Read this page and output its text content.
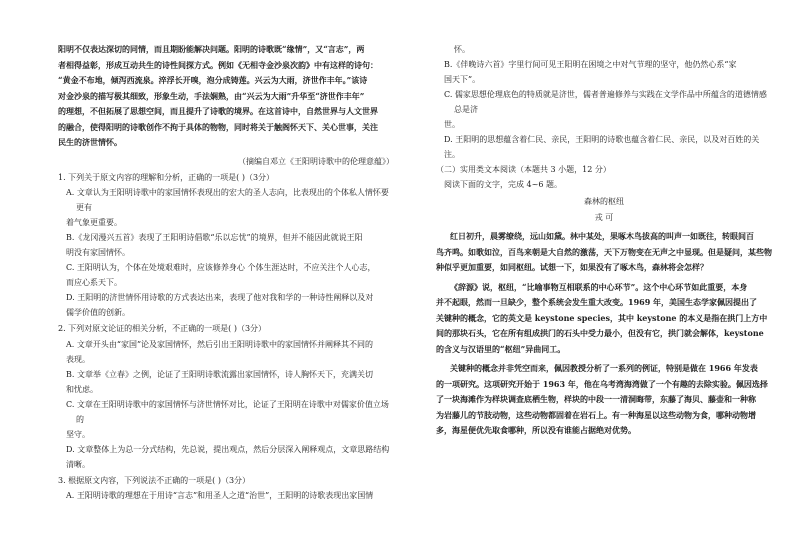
阳明不仅表达深切的同情，而且期盼能解决问题。阳明的诗歌既“缘情”，又“言志”，两
者相得益彰，形成互动共生的诗性间探方式。例如《无相寺金沙泉次韵》中有这样的诗句：
“黄金不布地，倾泻西流泉。淬浮长开嗅，泡分成铸莲。兴云为大雨，济世作丰年。”该诗
对金沙泉的描写极其细致，形象生动，手法娴熟，由“兴云为大雨”升华至“济世作丰年”
的理想，不但拓展了思想空间，而且提升了诗歌的境界。在这首诗中，自然世界与人文世界
的融合，使得阳明的诗歌创作不拘于具体的物物，同时将关于触阁怀天下、关心世事，关注
民生的济世情怀。
（摘编自邓立《王阳明诗歌中的伦理意蕴》）
1. 下列关于原文内容的理解和分析，正确的一项是( )（3分）
A. 文章认为王阳明诗歌中的家国情怀表现出的宏大的圣人志向，比表现出的个体私人情怀要更有
着气象更重要。
B.《龙冈漫兴五首》表现了王阳明诗倡歌“乐以忘忧”的境界，但并不能因此就说王阳
明没有家国情怀。
C. 王阳明认为，个体在处境艰难时，应该修养身心 个体生涯达时，不应关注个人心志，
而应心系天下。
D. 王阳明的济世情怀用诗歌的方式表达出来，表现了他对我和学的一种诗性阐释以及对
儒学价值的创新。
2. 下列对原文论证的相关分析，不正确的一项是( )（3分）
A. 文章开头由“家国”论及家国情怀，然后引出王阳明诗歌中的家国情怀并阐释其不同的
表现。
B. 文章举《立春》之例，论证了王阳明诗歌流露出家国情怀，诗人胸怀天下，充满关切
和忧虑。
C. 文章在王阳明诗歌中的家国情怀与济世情怀对比，论证了王阳明在诗歌中对儒家价值立场的
坚守。
D. 文章整体上为总一分式结构，先总说，提出观点，然后分层深入阐释观点，文章思路结构
清晰。
3. 根据原文内容，下列说法不正确的一项是( )（3分）
A. 王阳明诗歌的理想在于用诗“言志”和用圣人之道“治世”，王阳明的诗歌表现出家国情
怀。
B.《伴晚诗六首》字里行间可见王阳明在困境之中对气节理的坚守，他仍然心系“家
国天下”。
C. 儒家思想伦理底色的特质就是济世，儒者普遍修养与实践在文学作品中所蕴含的道德情感总是济
世。
D. 王阳明的思想蕴含着仁民、亲民，王阳明的诗歌也蕴含着仁民、亲民，以及对百姓的关
注。
（二）实用类文本阅读（本题共 3 小题，12 分）
阅读下面的文字，完成 4~6 题。
森林的枢纽
戎 可
红日初升，晨雾缭绕，远山如黛。林中某处，果啄木鸟拔高的叫声一如既往，转眼间百
鸟齐鸣。如歌如泣，百鸟来朝是大自然的激荡，天下万物变在无声之中显现。但是疑问，某些物
种似乎更加重要，如同枢纽。试想一下，如果没有了啄木鸟，森林将会怎样？
《辞源》说，枢纽，“比喻事物互相联系的中心环节”。这个中心环节如此重要，本身
并不起眼，然而一旦缺少，整个系统会发生重大改变。1969 年，美国生态学家佩因提出了
关键种的概念，它的英文是 keystone species，其中 keystone 的本义是指在拱门上方中
间的那块石头，它在所有组成拱门的石头中受力最小，但没有它，拱门就会解体，keystone
的含义与汉语里的“枢纽”异曲同工。
关键种的概念并非凭空而来，佩因教授分析了一系列的例证，特别是做在 1966 年发表
的一项研究。这项研究开始于 1963 年，他在乌考湾海湾做了一个有趣的去除实验。佩因选择
了一块海滩作为样块调查底栖生物，样块的中段一一清洞晦带，东藤了海贝、藤壶和一种称
为岩藤儿的节肢动物，这些动物都固着在岩石上。有一种海星以这些动物为食，哪种动物增
多，海星便优先取食哪种，所以没有谁能占据绝对优势。
